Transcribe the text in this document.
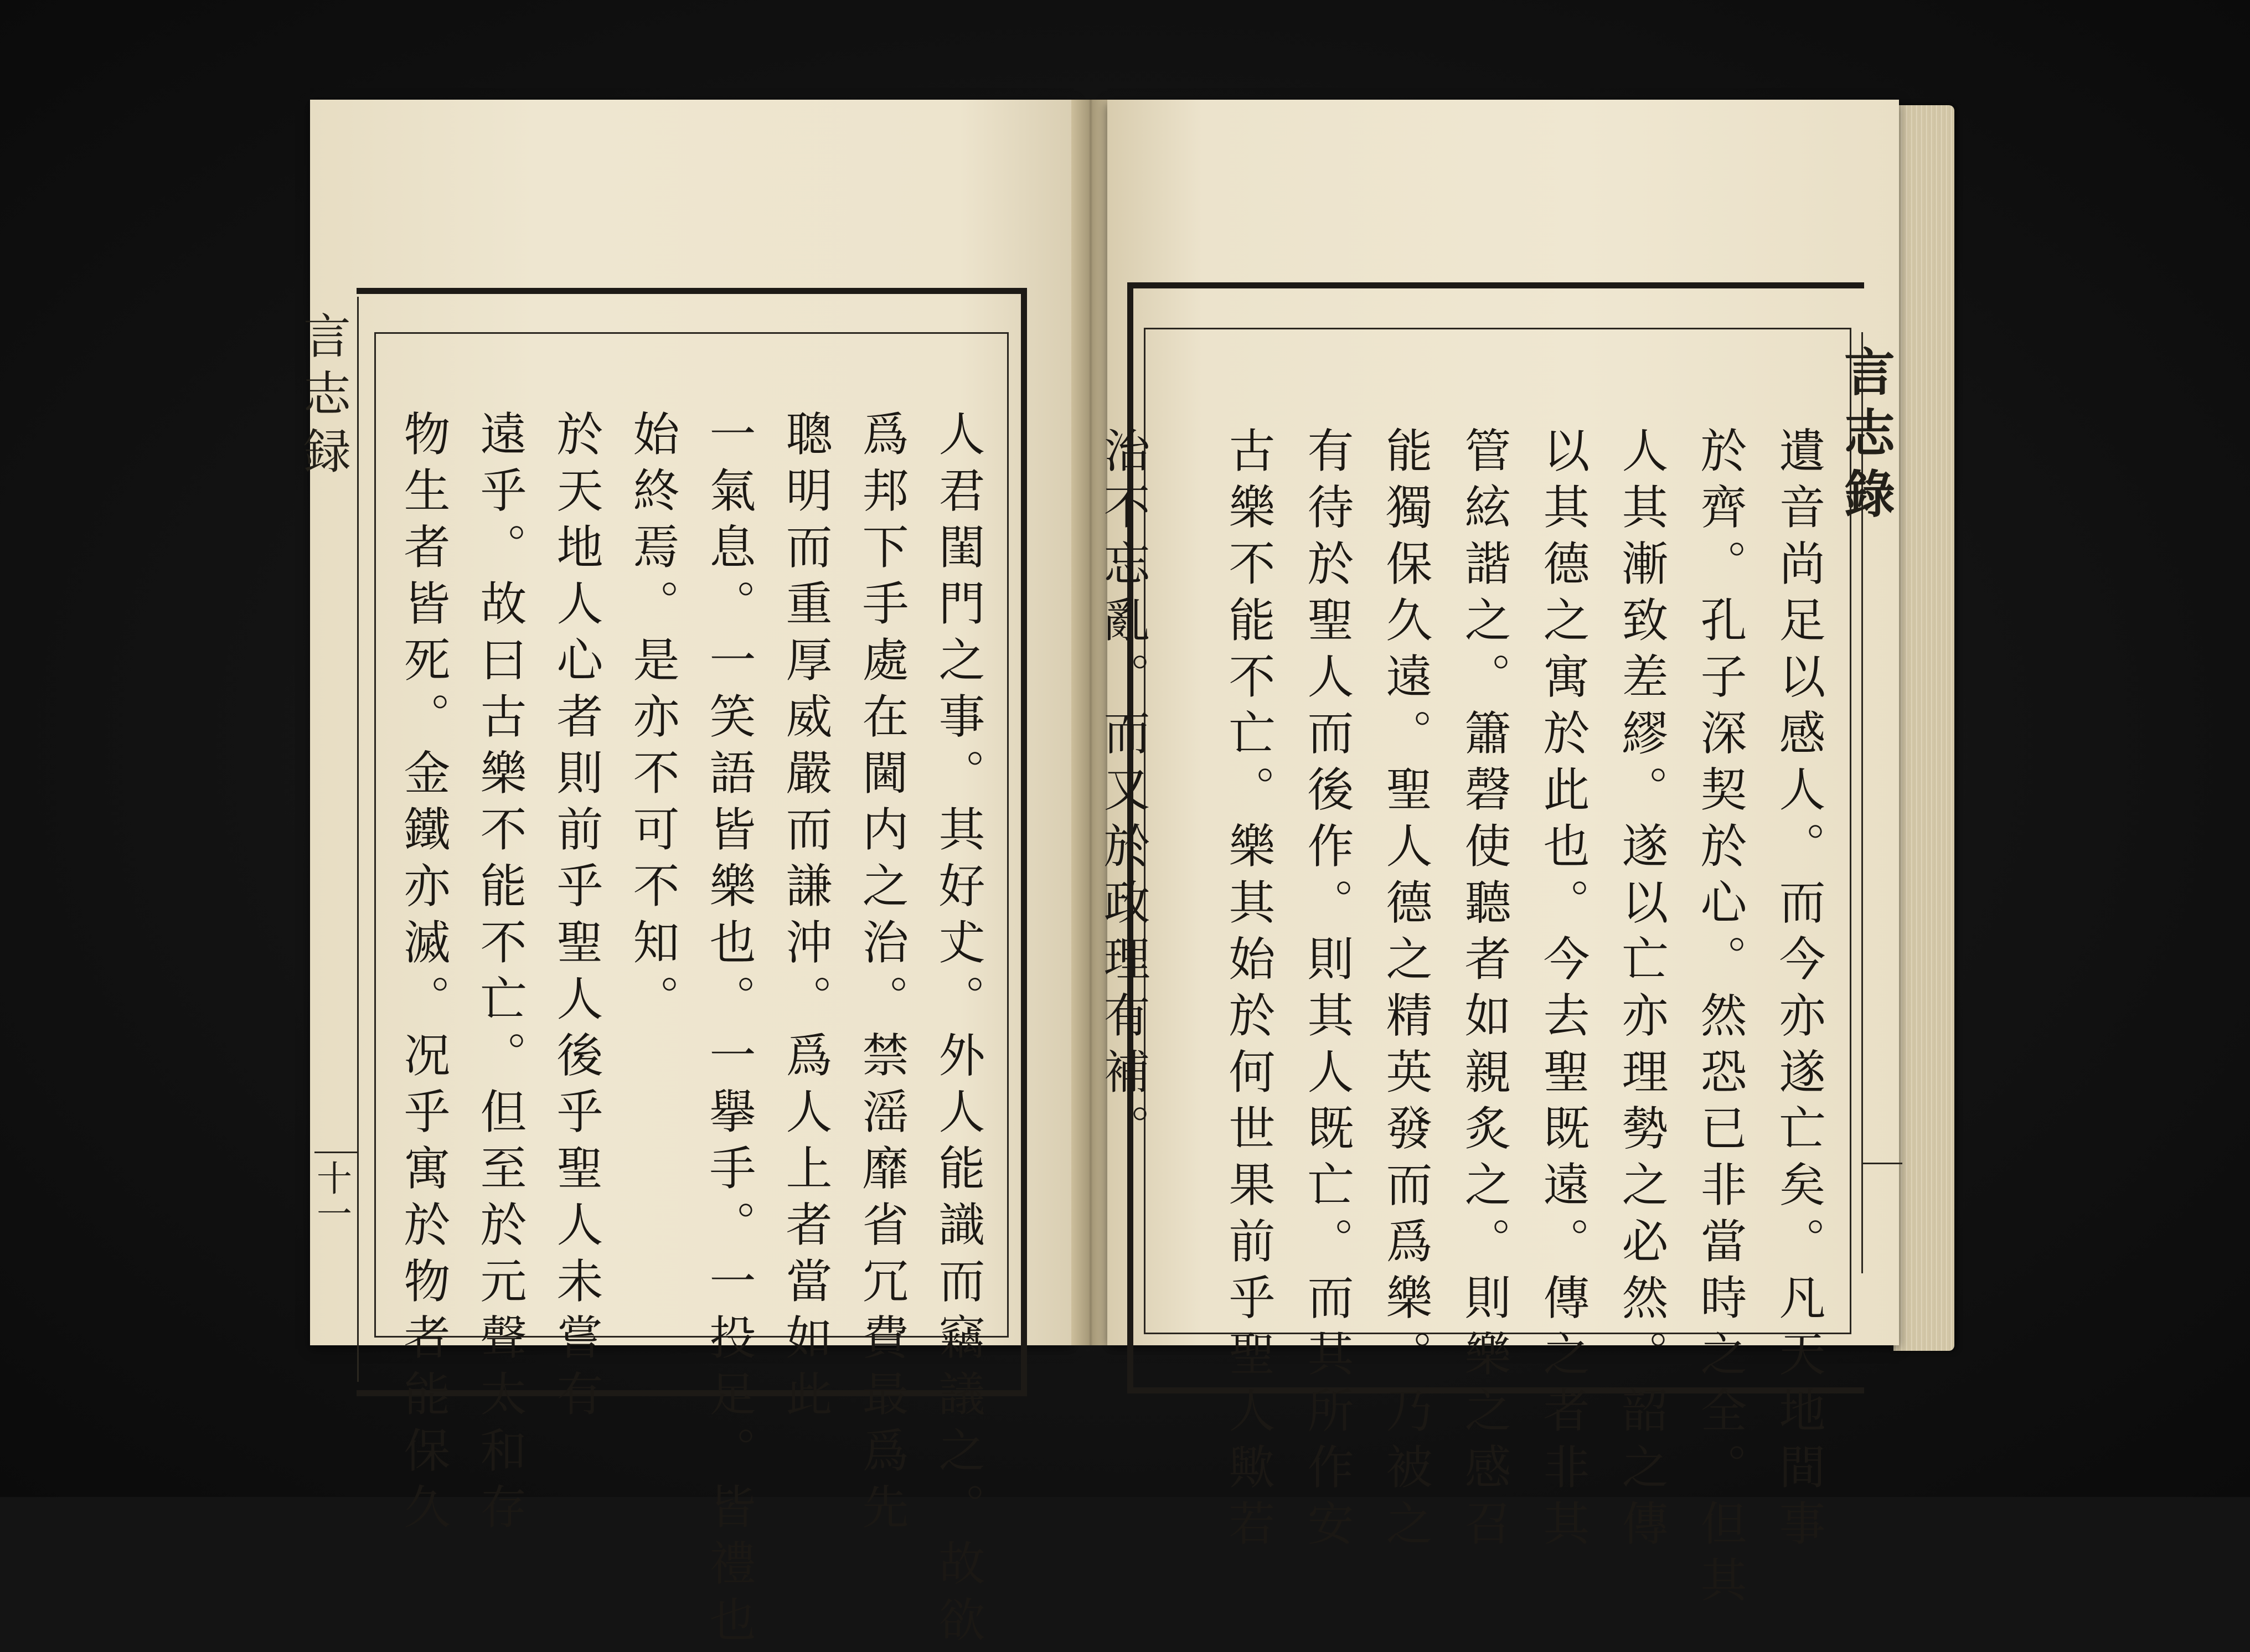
言志録
十一	人君閨門之事。其好𠀋。外人能識而竊議之。故欲
爲邦下手處在閫内之治。禁滛靡省冗費最爲先
聰明而重厚威嚴而謙沖。爲人上者當如此
一氣息。一笑語皆樂也。一擧手。一投足。皆禮也
始終焉。是亦不可不知。
於天地人心者則前乎聖人後乎聖人未嘗有
遠乎。故曰古樂不能不亡。但至於元聲太和存
物生者皆死。金鐵亦滅。况乎寓於物者能保久	言志錄
遺音尚足以感人。而今亦遂亡矣。凡天地間事
於齊。孔子深契於心。然恐已非當時之全。但其
人其漸致差繆。遂以亡亦理勢之必然。韶之傳
以其德之寓於此也。今去聖既遠。傳之者非其
管絃諧之。簫磬使聽者如親炙之。則樂之感召
能獨保久遠。聖人德之精英發而爲樂。乃被之
有待於聖人而後作。則其人既亡。而其所作安
古樂不能不亡。樂其始於何世果前乎聖人歟若
治不忘亂。而又於政理有補。
